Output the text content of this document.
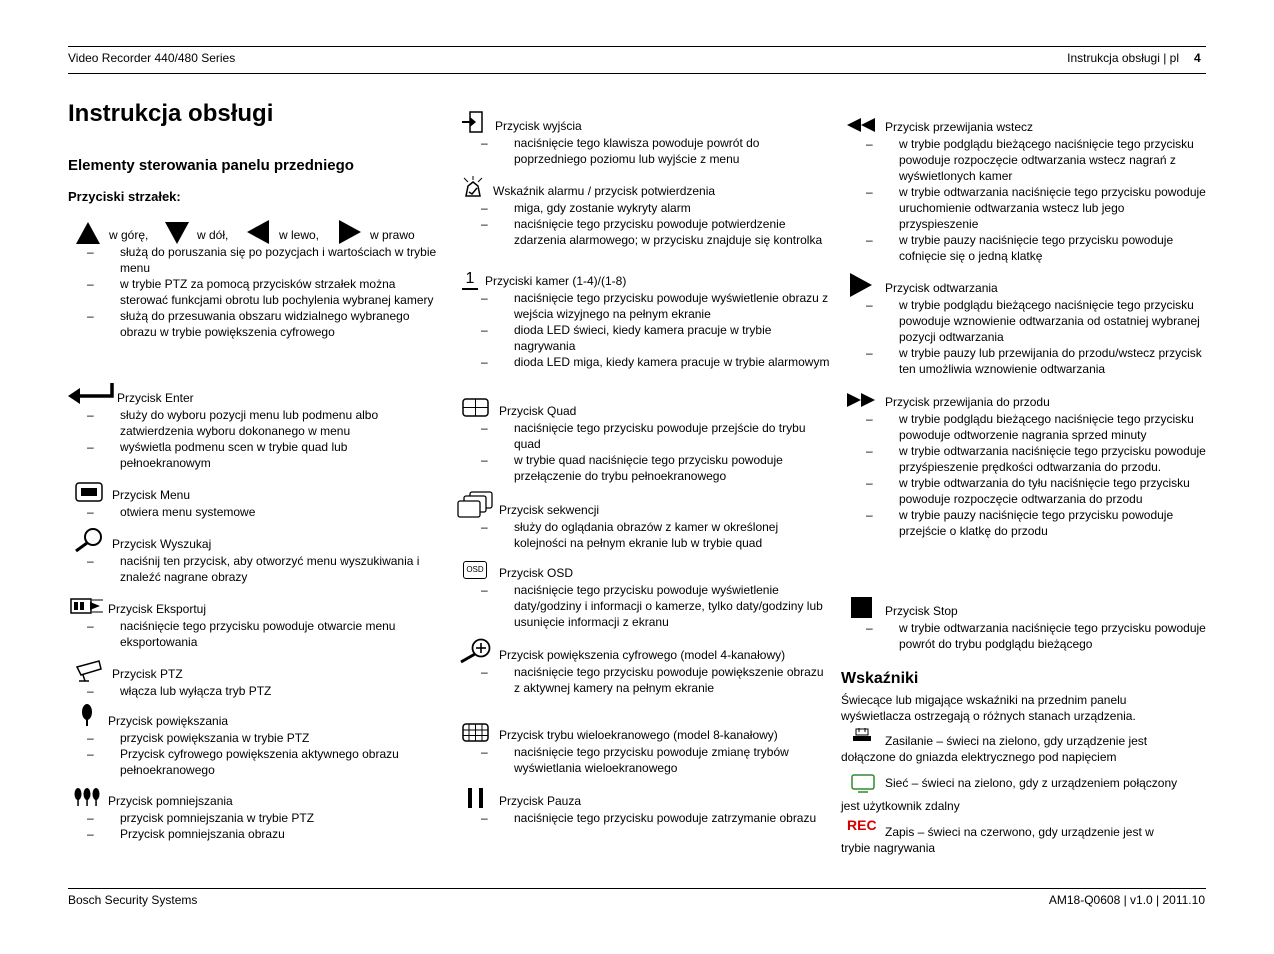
Video Recorder 440/480 Series	Instrukcja obsługi | pl 4
Instrukcja obsługi
Elementy sterowania panelu przedniego
Przyciski strzałek:
w górę,	w dół,	w lewo,	w prawo
– służą do poruszania się po pozycjach i wartościach w trybie menu
– w trybie PTZ za pomocą przycisków strzałek można sterować funkcjami obrotu lub pochylenia wybranej kamery
– służą do przesuwania obszaru widzialnego wybranego obrazu w trybie powiększenia cyfrowego
Przycisk Enter
– służy do wyboru pozycji menu lub podmenu albo zatwierdzenia wyboru dokonanego w menu
– wyświetla podmenu scen w trybie quad lub pełnoekranowym
Przycisk Menu
– otwiera menu systemowe
Przycisk Wyszukaj
– naciśnij ten przycisk, aby otworzyć menu wyszukiwania i znaleźć nagrane obrazy
Przycisk Eksportuj
– naciśnięcie tego przycisku powoduje otwarcie menu eksportowania
Przycisk PTZ
– włącza lub wyłącza tryb PTZ
Przycisk powiększania
– przycisk powiększania w trybie PTZ
– Przycisk cyfrowego powiększenia aktywnego obrazu pełnoekranowego
Przycisk pomniejszania
– przycisk pomniejszania w trybie PTZ
– Przycisk pomniejszania obrazu
Przycisk wyjścia
– naciśnięcie tego klawisza powoduje powrót do poprzedniego poziomu lub wyjście z menu
Wskaźnik alarmu / przycisk potwierdzenia
– miga, gdy zostanie wykryty alarm
– naciśnięcie tego przycisku powoduje potwierdzenie zdarzenia alarmowego; w przycisku znajduje się kontrolka
1 Przyciski kamer (1-4)/(1-8)
– naciśnięcie tego przycisku powoduje wyświetlenie obrazu z wejścia wizyjnego na pełnym ekranie
– dioda LED świeci, kiedy kamera pracuje w trybie nagrywania
– dioda LED miga, kiedy kamera pracuje w trybie alarmowym
Przycisk Quad
– naciśnięcie tego przycisku powoduje przejście do trybu quad
– w trybie quad naciśnięcie tego przycisku powoduje przełączenie do trybu pełnoekranowego
Przycisk sekwencji
– służy do oglądania obrazów z kamer w określonej kolejności na pełnym ekranie lub w trybie quad
OSD Przycisk OSD
– naciśnięcie tego przycisku powoduje wyświetlenie daty/godziny i informacji o kamerze, tylko daty/godziny lub usunięcie informacji z ekranu
Przycisk powiększenia cyfrowego (model 4-kanałowy)
– naciśnięcie tego przycisku powoduje powiększenie obrazu z aktywnej kamery na pełnym ekranie
Przycisk trybu wieloekranowego (model 8-kanałowy)
– naciśnięcie tego przycisku powoduje zmianę trybów wyświetlania wieloekranowego
Przycisk Pauza
– naciśnięcie tego przycisku powoduje zatrzymanie obrazu
Przycisk przewijania wstecz
– w trybie podglądu bieżącego naciśnięcie tego przycisku powoduje rozpoczęcie odtwarzania wstecz nagrań z wyświetlonych kamer
– w trybie odtwarzania naciśnięcie tego przycisku powoduje uruchomienie odtwarzania wstecz lub jego przyspieszenie
– w trybie pauzy naciśnięcie tego przycisku powoduje cofnięcie się o jedną klatkę
Przycisk odtwarzania
– w trybie podglądu bieżącego naciśnięcie tego przycisku powoduje wznowienie odtwarzania od ostatniej wybranej pozycji odtwarzania
– w trybie pauzy lub przewijania do przodu/wstecz przycisk ten umożliwia wznowienie odtwarzania
Przycisk przewijania do przodu
– w trybie podglądu bieżącego naciśnięcie tego przycisku powoduje odtworzenie nagrania sprzed minuty
– w trybie odtwarzania naciśnięcie tego przycisku powoduje przyśpieszenie prędkości odtwarzania do przodu.
– w trybie odtwarzania do tyłu naciśnięcie tego przycisku powoduje rozpoczęcie odtwarzania do przodu
– w trybie pauzy naciśnięcie tego przycisku powoduje przejście o klatkę do przodu
Przycisk Stop
– w trybie odtwarzania naciśnięcie tego przycisku powoduje powrót do trybu podglądu bieżącego
Wskaźniki
Świecące lub migające wskaźniki na przednim panelu wyświetlacza ostrzegają o różnych stanach urządzenia.
Zasilanie – świeci na zielono, gdy urządzenie jest
dołączone do gniazda elektrycznego pod napięciem
Sieć – świeci na zielono, gdy z urządzeniem połączony
jest użytkownik zdalny
REC Zapis – świeci na czerwono, gdy urządzenie jest w
trybie nagrywania
Bosch Security Systems	AM18-Q0608 | v1.0 | 2011.10
